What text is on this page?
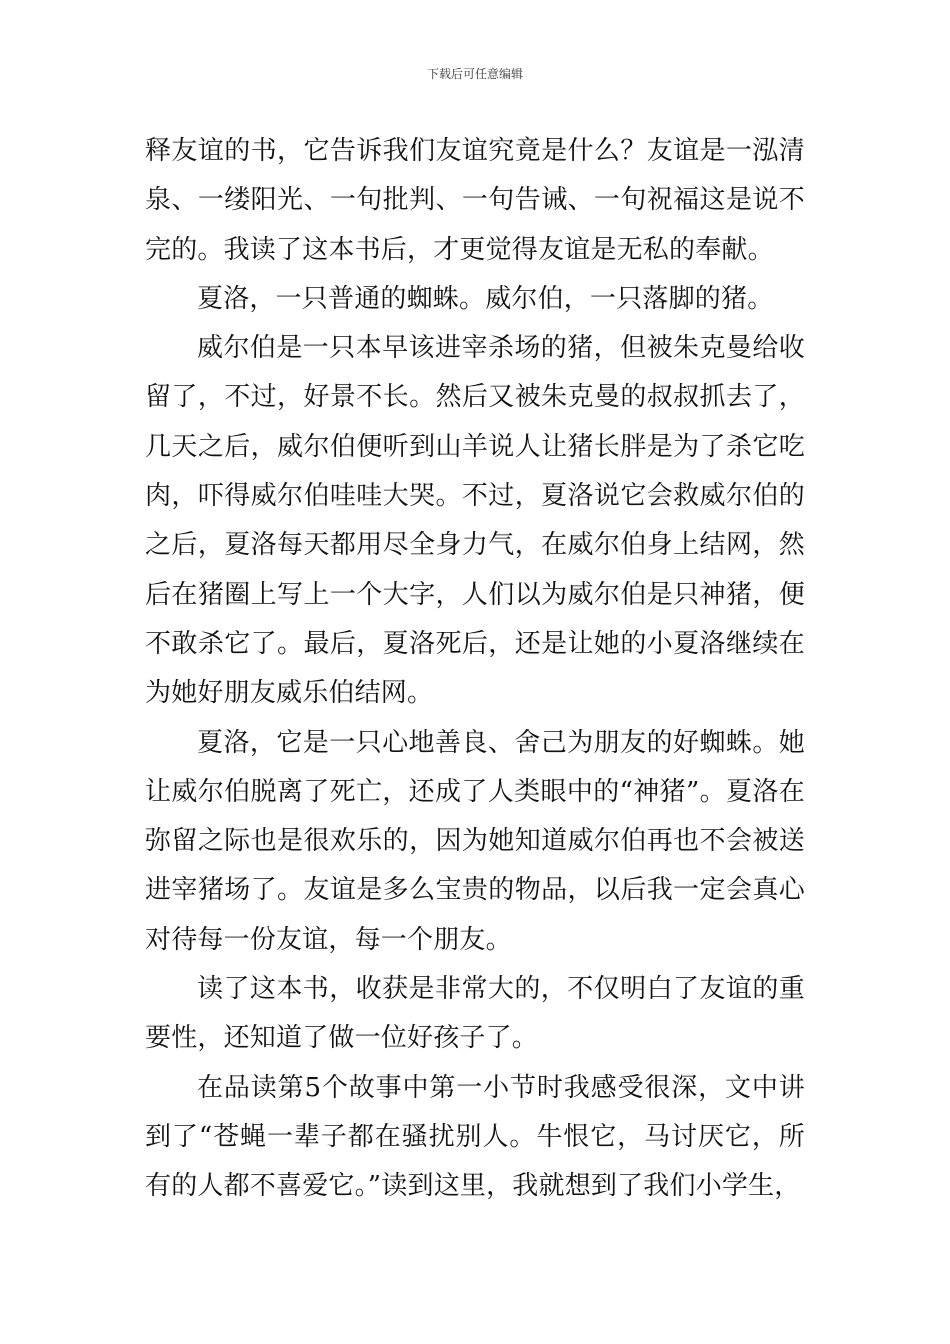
下载后可任意编辑

释友谊的书，它告诉我们友谊究竟是什么？友谊是一泓清泉、一缕阳光、一句批判、一句告诫、一句祝福这是说不完的。我读了这本书后，才更觉得友谊是无私的奉献。

夏洛，一只普通的蜘蛛。威尔伯，一只落脚的猪。

威尔伯是一只本早该进宰杀场的猪，但被朱克曼给收留了，不过，好景不长。然后又被朱克曼的叔叔抓去了，几天之后，威尔伯便听到山羊说人让猪长胖是为了杀它吃肉，吓得威尔伯哇哇大哭。不过，夏洛说它会救威尔伯的之后，夏洛每天都用尽全身力气，在威尔伯身上结网，然后在猪圈上写上一个大字，人们以为威尔伯是只神猪，便不敢杀它了。最后，夏洛死后，还是让她的小夏洛继续在为她好朋友威乐伯结网。

夏洛，它是一只心地善良、舍己为朋友的好蜘蛛。她让威尔伯脱离了死亡，还成了人类眼中的“神猪”。夏洛在弥留之际也是很欢乐的，因为她知道威尔伯再也不会被送进宰猪场了。友谊是多么宝贵的物品，以后我一定会真心对待每一份友谊，每一个朋友。

读了这本书，收获是非常大的，不仅明白了友谊的重要性，还知道了做一位好孩子了。

在品读第5个故事中第一小节时我感受很深，文中讲到了“苍蝇一辈子都在骚扰别人。牛恨它，马讨厌它，所有的人都不喜爱它。”读到这里，我就想到了我们小学生，
